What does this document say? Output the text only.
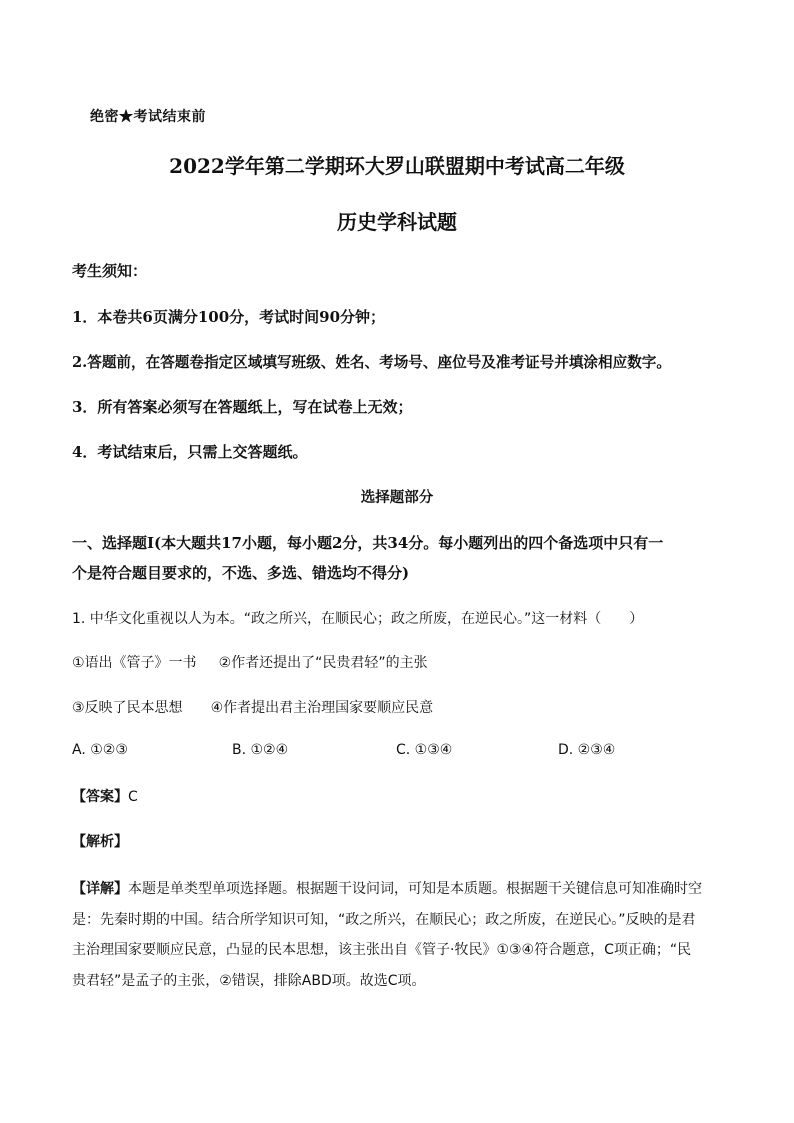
绝密★考试结束前
2022学年第二学期环大罗山联盟期中考试高二年级
历史学科试题
考生须知：
1．本卷共6页满分100分，考试时间90分钟；
2.答题前，在答题卷指定区域填写班级、姓名、考场号、座位号及准考证号并填涂相应数字。
3．所有答案必须写在答题纸上，写在试卷上无效；
4．考试结束后，只需上交答题纸。
选择题部分
一、选择题Ⅰ(本大题共17小题，每小题2分，共34分。每小题列出的四个备选项中只有一
个是符合题目要求的，不选、多选、错选均不得分)
1. 中华文化重视以人为本。“政之所兴，在顺民心；政之所废，在逆民心。”这一材料（　　）
①语出《管子》一书 ②作者还提出了“民贵君轻”的主张
③反映了民本思想 ④作者提出君主治理国家要顺应民意
A. ①②③	B. ①②④	C. ①③④	D. ②③④
【答案】C
【解析】
【详解】本题是单类型单项选择题。根据题干设问词，可知是本质题。根据题干关键信息可知准确时空
是：先秦时期的中国。结合所学知识可知，“政之所兴，在顺民心；政之所废，在逆民心。”反映的是君
主治理国家要顺应民意，凸显的民本思想，该主张出自《管子·牧民》①③④符合题意，C项正确；“民
贵君轻”是孟子的主张，②错误，排除ABD项。故选C项。
